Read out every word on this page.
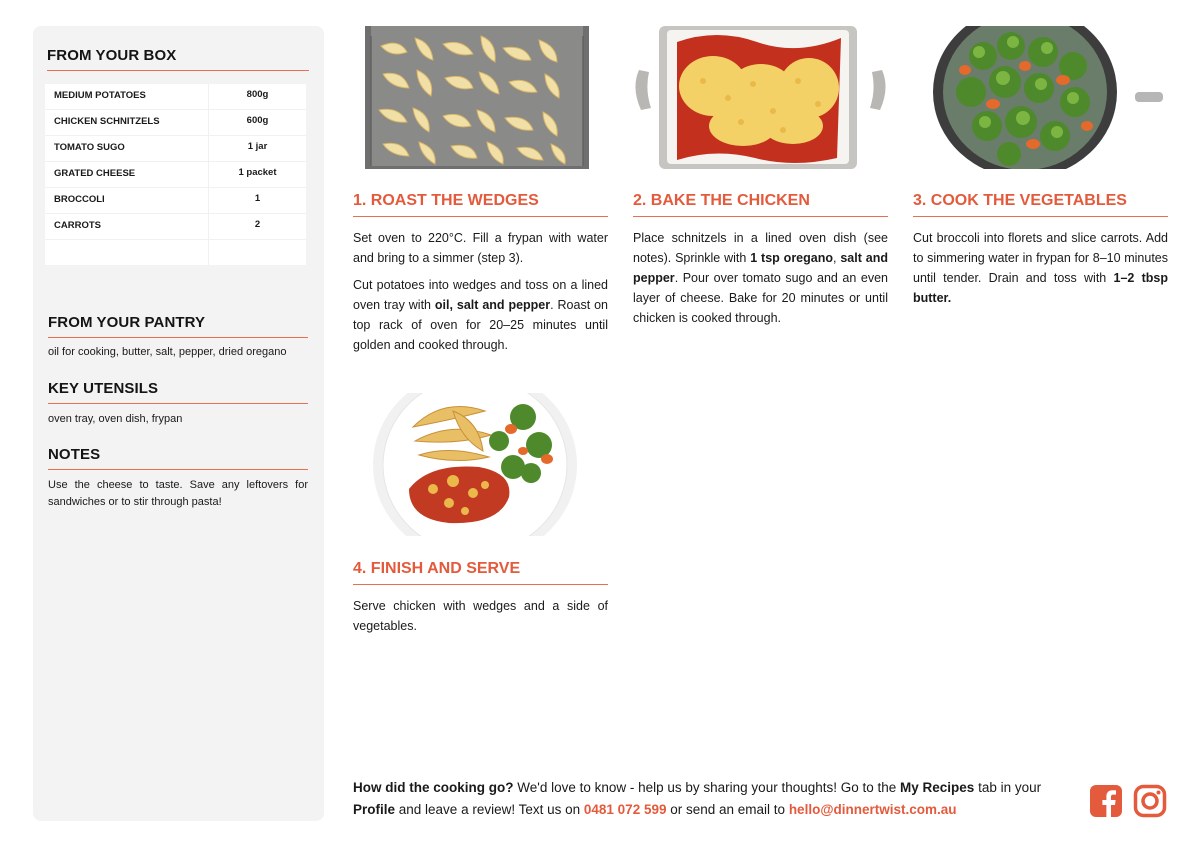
FROM YOUR BOX
MEDIUM POTATOES	800g
CHICKEN SCHNITZELS	600g
TOMATO SUGO	1 jar
GRATED CHEESE	1 packet
BROCCOLI	1
CARROTS	2
FROM YOUR PANTRY
oil for cooking, butter, salt, pepper, dried oregano
KEY UTENSILS
oven tray, oven dish, frypan
NOTES
Use the cheese to taste. Save any leftovers for sandwiches or to stir through pasta!
1. ROAST THE WEDGES

Set oven to 220°C. Fill a frypan with water and bring to a simmer (step 3).

Cut potatoes into wedges and toss on a lined oven tray with oil, salt and pepper. Roast on top rack of oven for 20–25 minutes until golden and cooked through.

2. BAKE THE CHICKEN

Place schnitzels in a lined oven dish (see notes). Sprinkle with 1 tsp oregano, salt and pepper. Pour over tomato sugo and an even layer of cheese. Bake for 20 minutes or until chicken is cooked through.

3. COOK THE VEGETABLES

Cut broccoli into florets and slice carrots. Add to simmering water in frypan for 8–10 minutes until tender. Drain and toss with 1–2 tbsp butter.

4. FINISH AND SERVE

Serve chicken with wedges and a side of vegetables.

How did the cooking go? We'd love to know - help us by sharing your thoughts! Go to the My Recipes tab in your Profile and leave a review! Text us on 0481 072 599 or send an email to hello@dinnertwist.com.au
